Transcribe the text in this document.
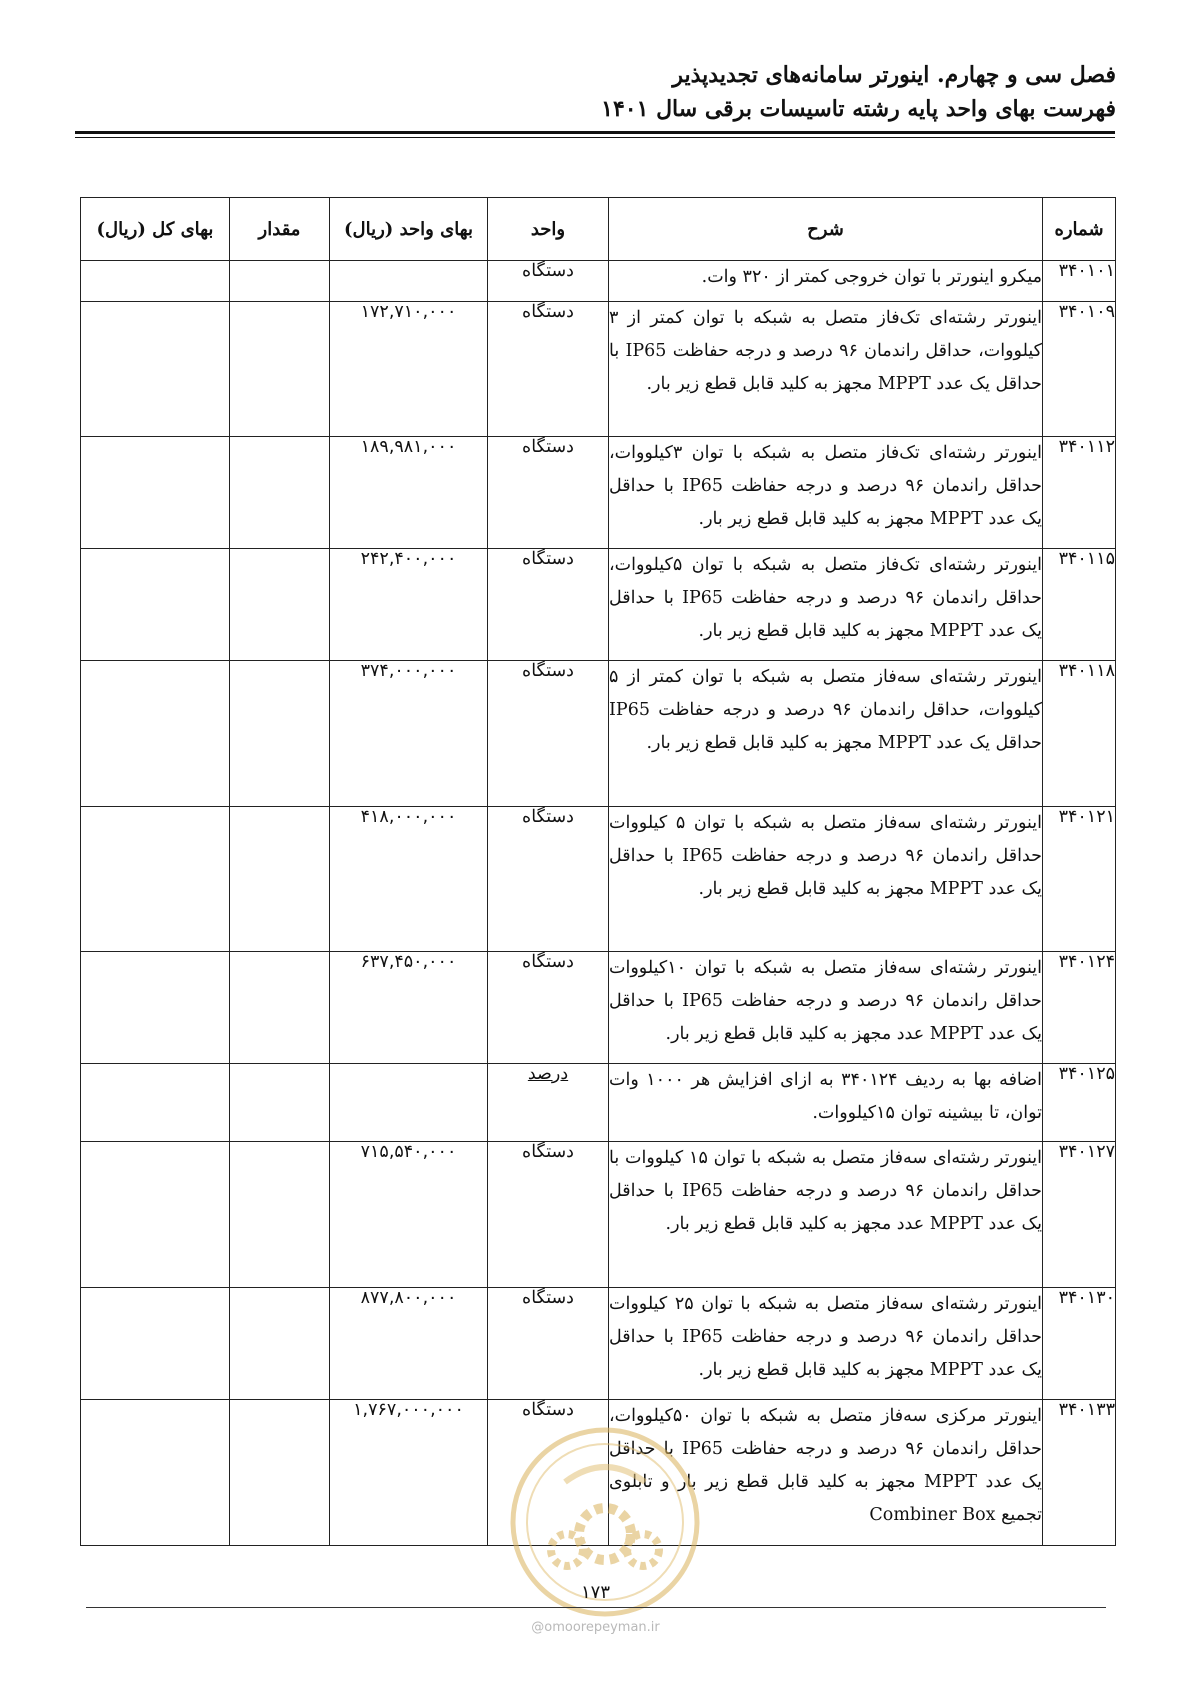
فصل سی و چهارم. اینورتر سامانه‌های تجدیدپذیر
فهرست بهای واحد پایه رشته تاسیسات برقی سال ۱۴۰۱
شماره	شرح	واحد	بهای واحد (ریال)	مقدار	بهای کل (ریال)
۳۴۰۱۰۱	میکرو اینورتر با توان خروجی کمتر از ۳۲۰ وات.	دستگاه			
۳۴۰۱۰۹	اینورتر رشته‌ای تک‌فاز متصل به شبکه با توان کمتر از ۳ کیلووات، حداقل راندمان ۹۶ درصد و درجه حفاظت IP65 با حداقل یک عدد MPPT مجهز به کلید قابل قطع زیر بار.	دستگاه	۱۷۲,۷۱۰,۰۰۰		
۳۴۰۱۱۲	اینورتر رشته‌ای تک‌فاز متصل به شبکه با توان ۳کیلووات، حداقل راندمان ۹۶ درصد و درجه حفاظت IP65 با حداقل یک عدد MPPT مجهز به کلید قابل قطع زیر بار.	دستگاه	۱۸۹,۹۸۱,۰۰۰		
۳۴۰۱۱۵	اینورتر رشته‌ای تک‌فاز متصل به شبکه با توان ۵کیلووات، حداقل راندمان ۹۶ درصد و درجه حفاظت IP65 با حداقل یک عدد MPPT مجهز به کلید قابل قطع زیر بار.	دستگاه	۲۴۲,۴۰۰,۰۰۰		
۳۴۰۱۱۸	اینورتر رشته‌ای سه‌فاز متصل به شبکه با توان کمتر از ۵ کیلووات، حداقل راندمان ۹۶ درصد و درجه حفاظت IP65 حداقل یک عدد MPPT مجهز به کلید قابل قطع زیر بار.	دستگاه	۳۷۴,۰۰۰,۰۰۰		
۳۴۰۱۲۱	اینورتر رشته‌ای سه‌فاز متصل به شبکه با توان ۵ کیلووات حداقل راندمان ۹۶ درصد و درجه حفاظت IP65 با حداقل یک عدد MPPT مجهز به کلید قابل قطع زیر بار.	دستگاه	۴۱۸,۰۰۰,۰۰۰		
۳۴۰۱۲۴	اینورتر رشته‌ای سه‌فاز متصل به شبکه با توان ۱۰کیلووات حداقل راندمان ۹۶ درصد و درجه حفاظت IP65 با حداقل یک عدد MPPT عدد مجهز به کلید قابل قطع زیر بار.	دستگاه	۶۳۷,۴۵۰,۰۰۰		
۳۴۰۱۲۵	اضافه بها به ردیف ۳۴۰۱۲۴ به ازای افزایش هر ۱۰۰۰ وات توان، تا بیشینه توان ۱۵کیلووات.	درصد			
۳۴۰۱۲۷	اینورتر رشته‌ای سه‌فاز متصل به شبکه با توان ۱۵ کیلووات با حداقل راندمان ۹۶ درصد و درجه حفاظت IP65 با حداقل یک عدد MPPT عدد مجهز به کلید قابل قطع زیر بار.	دستگاه	۷۱۵,۵۴۰,۰۰۰		
۳۴۰۱۳۰	اینورتر رشته‌ای سه‌فاز متصل به شبکه با توان ۲۵ کیلووات حداقل راندمان ۹۶ درصد و درجه حفاظت IP65 با حداقل یک عدد MPPT مجهز به کلید قابل قطع زیر بار.	دستگاه	۸۷۷,۸۰۰,۰۰۰		
۳۴۰۱۳۳	اینورتر مرکزی سه‌فاز متصل به شبکه با توان ۵۰کیلووات، حداقل راندمان ۹۶ درصد و درجه حفاظت IP65 با حداقل یک عدد MPPT مجهز به کلید قابل قطع زیر بار و تابلوی تجمیع Combiner Box	دستگاه	۱,۷۶۷,۰۰۰,۰۰۰		
۱۷۳
@omoorepeyman.ir
